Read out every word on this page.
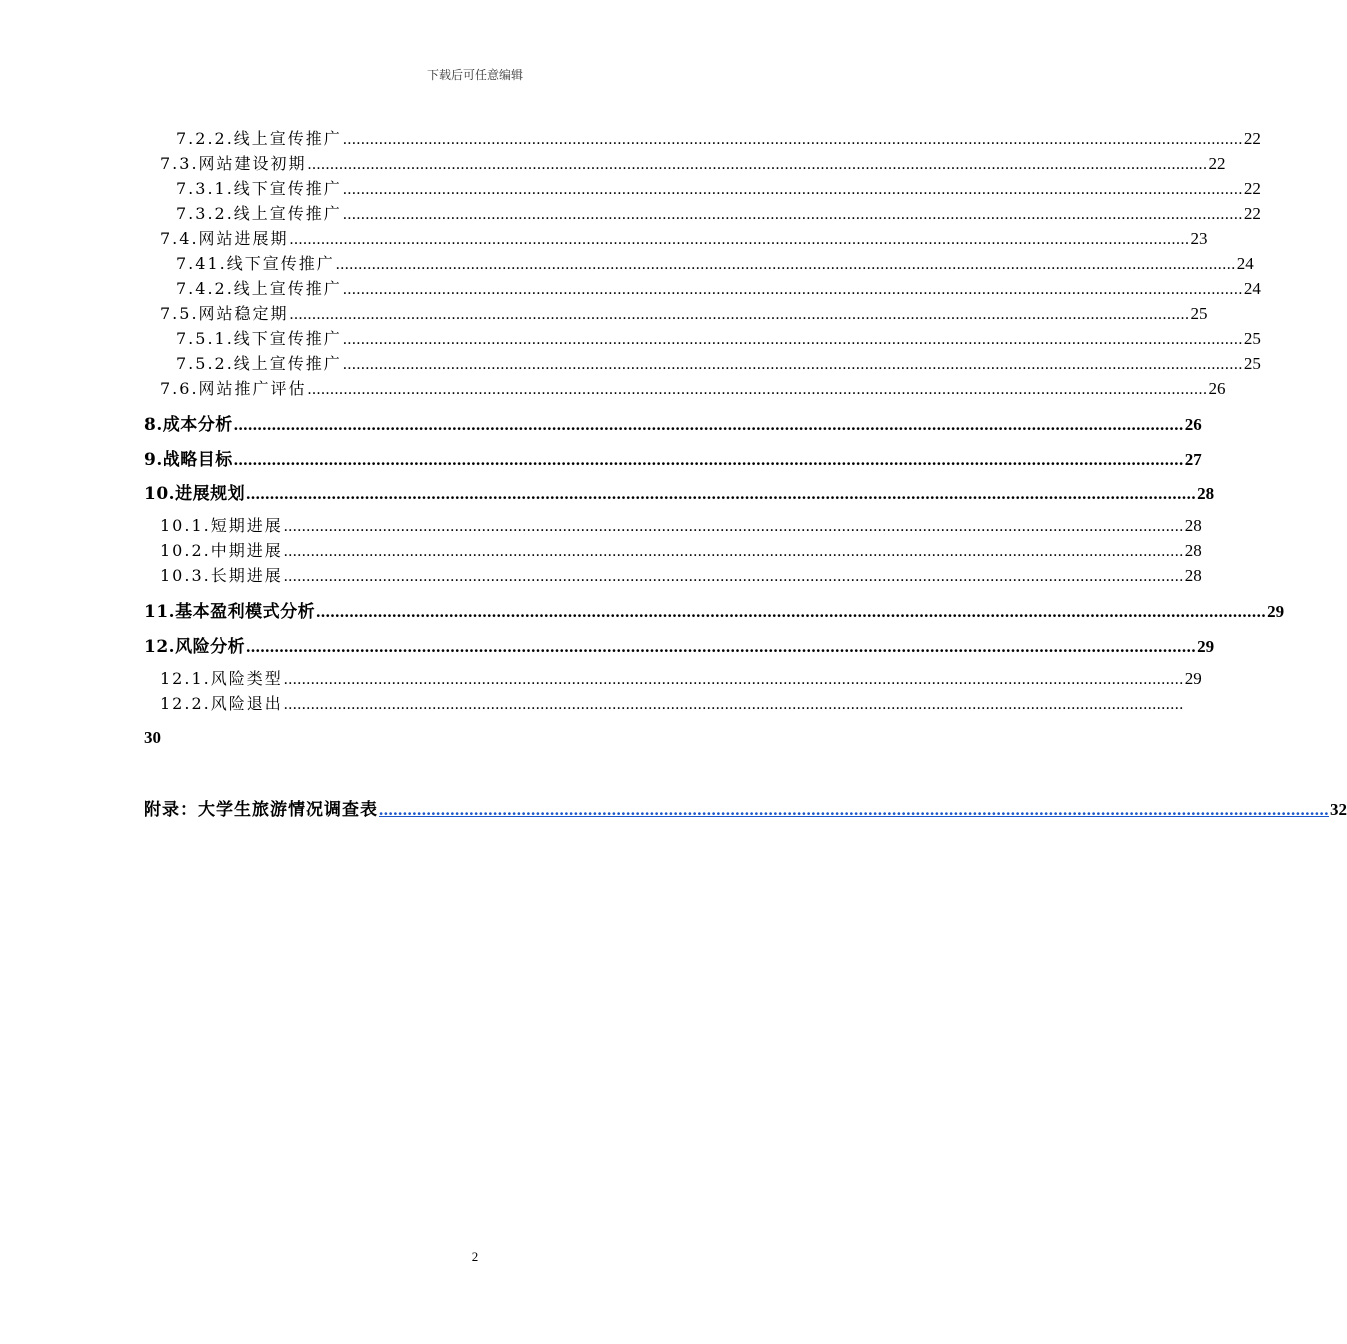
下载后可任意编辑
7.2.2.线上宣传推广 ........................................................................................................................................................................................................ 22
7.3.网站建设初期 ........................................................................................................................................................................................................ 22
7.3.1.线下宣传推广 ........................................................................................................................................................................................................ 22
7.3.2.线上宣传推广 ........................................................................................................................................................................................................ 22
7.4.网站进展期 ........................................................................................................................................................................................................ 23
7.41.线下宣传推广 ........................................................................................................................................................................................................ 24
7.4.2.线上宣传推广 ........................................................................................................................................................................................................ 24
7.5.网站稳定期 ........................................................................................................................................................................................................ 25
7.5.1.线下宣传推广 ........................................................................................................................................................................................................ 25
7.5.2.线上宣传推广 ........................................................................................................................................................................................................ 25
7.6.网站推广评估 ........................................................................................................................................................................................................ 26
8.成本分析 ........................................................................................................................................................................................................ 26
9.战略目标 ........................................................................................................................................................................................................ 27
10.进展规划 ........................................................................................................................................................................................................ 28
10.1.短期进展 ........................................................................................................................................................................................................ 28
10.2.中期进展 ........................................................................................................................................................................................................ 28
10.3.长期进展 ........................................................................................................................................................................................................ 28
11.基本盈利模式分析 ........................................................................................................................................................................................................ 29
12.风险分析 ........................................................................................................................................................................................................ 29
12.1.风险类型 ........................................................................................................................................................................................................ 29
12.2.风险退出 ........................................................................................................................................................................................................
30
附录：大学生旅游情况调查表 ........................................................................................................................................................................................................ 32
2
